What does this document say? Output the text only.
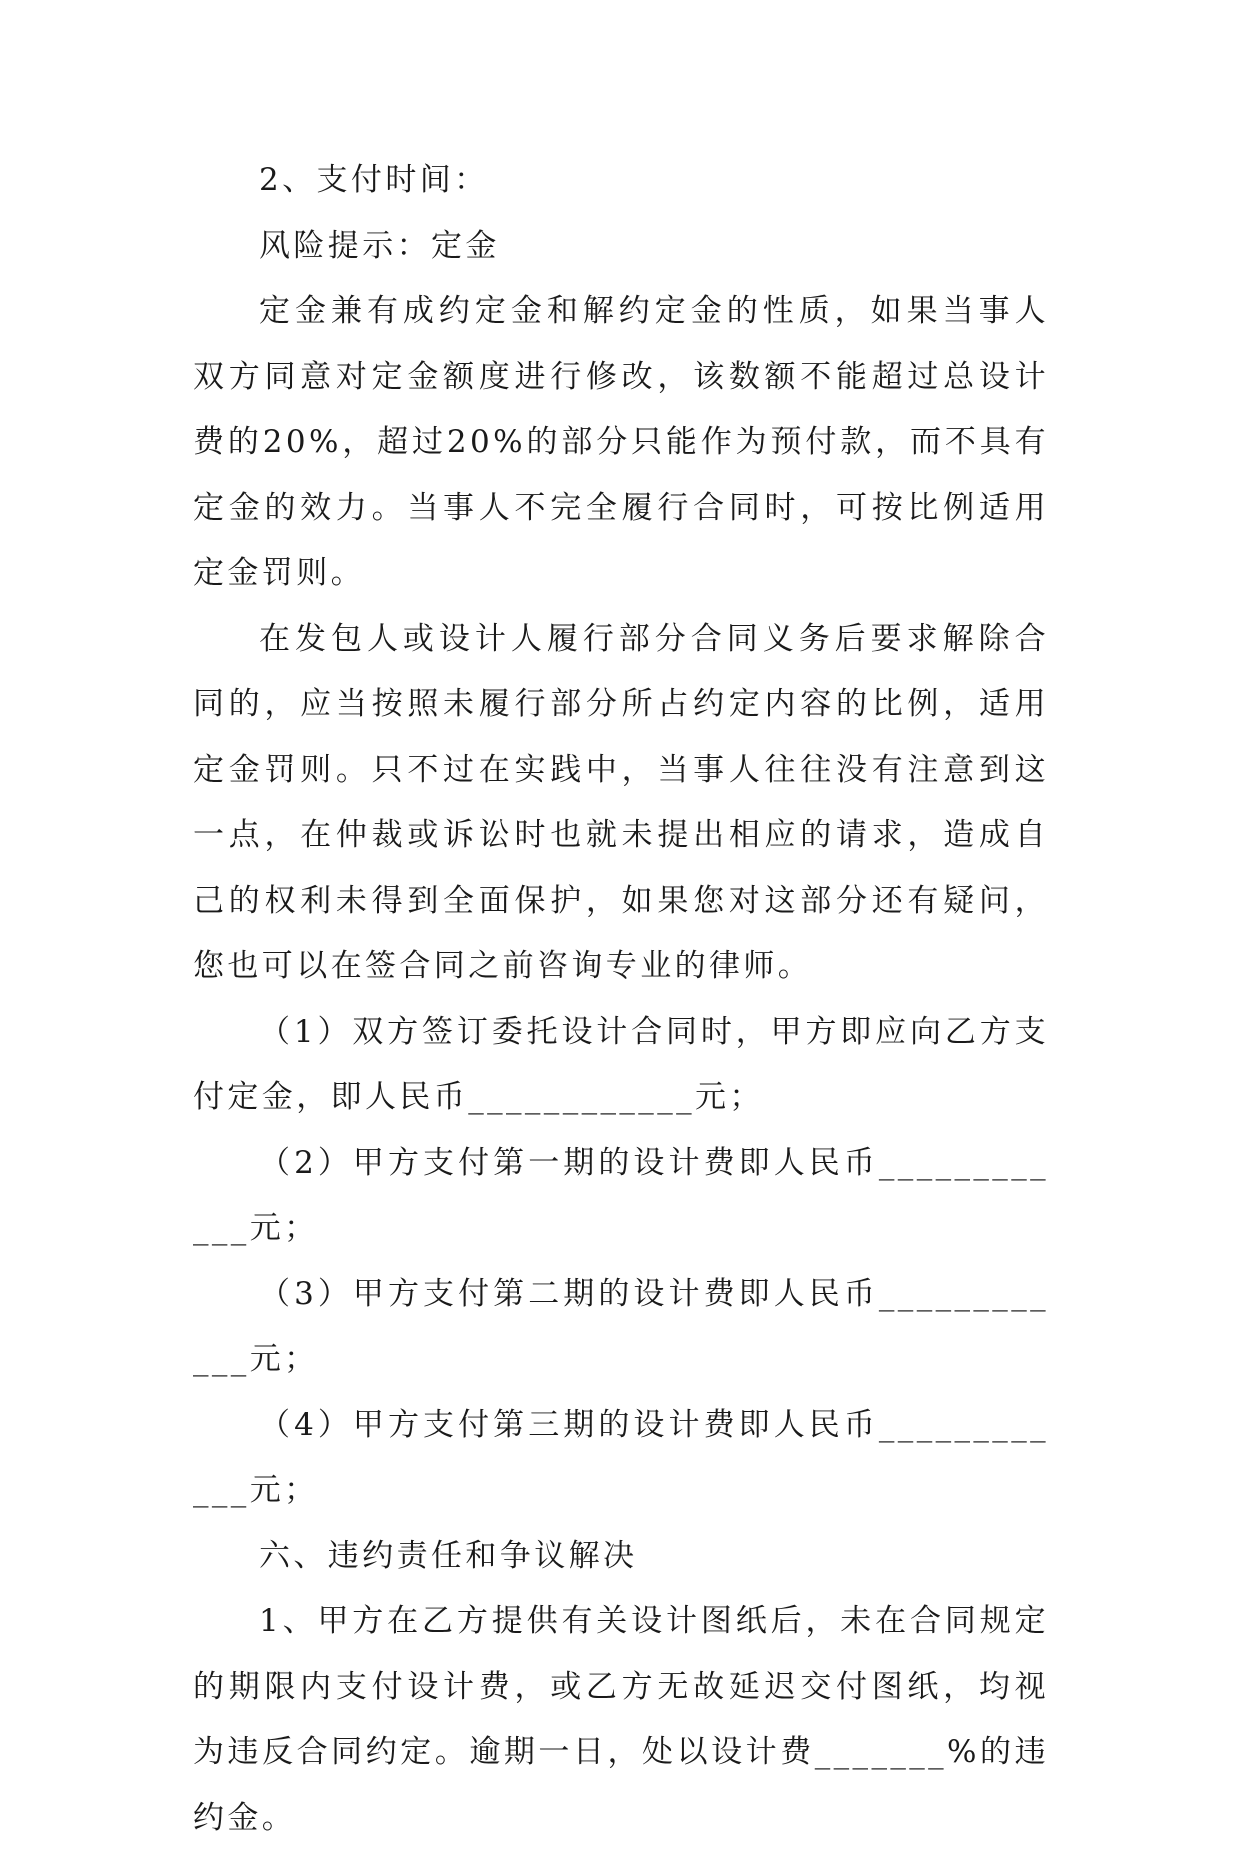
2、支付时间：

风险提示：定金

定金兼有成约定金和解约定金的性质，如果当事人双方同意对定金额度进行修改，该数额不能超过总设计费的20%，超过20%的部分只能作为预付款，而不具有定金的效力。当事人不完全履行合同时，可按比例适用定金罚则。

在发包人或设计人履行部分合同义务后要求解除合同的，应当按照未履行部分所占约定内容的比例，适用定金罚则。只不过在实践中，当事人往往没有注意到这一点，在仲裁或诉讼时也就未提出相应的请求，造成自己的权利未得到全面保护，如果您对这部分还有疑问，您也可以在签合同之前咨询专业的律师。

（1）双方签订委托设计合同时，甲方即应向乙方支付定金，即人民币____________元；

（2）甲方支付第一期的设计费即人民币____________元；

（3）甲方支付第二期的设计费即人民币____________元；

（4）甲方支付第三期的设计费即人民币____________元；

六、违约责任和争议解决

1、甲方在乙方提供有关设计图纸后，未在合同规定的期限内支付设计费，或乙方无故延迟交付图纸，均视为违反合同约定。逾期一日，处以设计费_______%的违约金。
